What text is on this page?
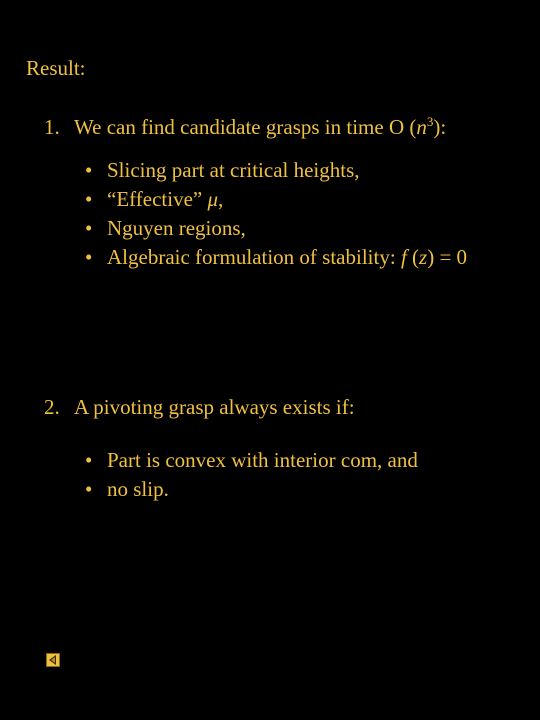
Result:
1. We can find candidate grasps in time O $(n^3)$:
• Slicing part at critical heights,
• “Effective” μ,
• Nguyen regions,
• Algebraic formulation of stability: f (z) = 0
2. A pivoting grasp always exists if:
• Part is convex with interior com, and
• no slip.
